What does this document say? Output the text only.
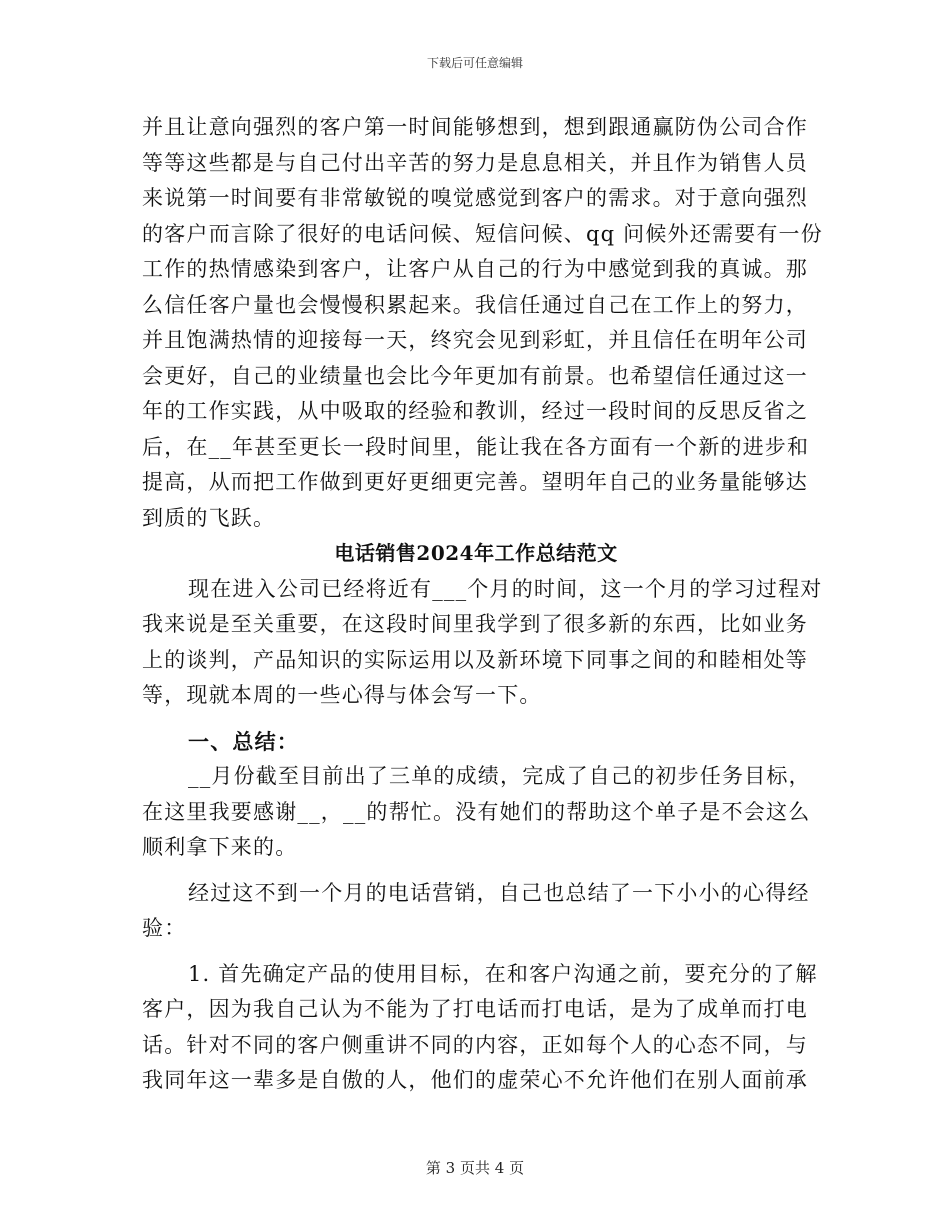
下载后可任意编辑
并且让意向强烈的客户第一时间能够想到，想到跟通赢防伪公司合作
等等这些都是与自己付出辛苦的努力是息息相关，并且作为销售人员
来说第一时间要有非常敏锐的嗅觉感觉到客户的需求。对于意向强烈
的客户而言除了很好的电话问候、短信问候、qq 问候外还需要有一份
工作的热情感染到客户，让客户从自己的行为中感觉到我的真诚。那
么信任客户量也会慢慢积累起来。我信任通过自己在工作上的努力，
并且饱满热情的迎接每一天，终究会见到彩虹，并且信任在明年公司
会更好，自己的业绩量也会比今年更加有前景。也希望信任通过这一
年的工作实践，从中吸取的经验和教训，经过一段时间的反思反省之
后，在__年甚至更长一段时间里，能让我在各方面有一个新的进步和
提高，从而把工作做到更好更细更完善。望明年自己的业务量能够达
到质的飞跃。
电话销售2024年工作总结范文
现在进入公司已经将近有___个月的时间，这一个月的学习过程对
我来说是至关重要，在这段时间里我学到了很多新的东西，比如业务
上的谈判，产品知识的实际运用以及新环境下同事之间的和睦相处等
等，现就本周的一些心得与体会写一下。
一、总结：
__月份截至目前出了三单的成绩，完成了自己的初步任务目标，
在这里我要感谢__，__的帮忙。没有她们的帮助这个单子是不会这么
顺利拿下来的。
经过这不到一个月的电话营销，自己也总结了一下小小的心得经
验：
1. 首先确定产品的使用目标，在和客户沟通之前，要充分的了解
客户，因为我自己认为不能为了打电话而打电话，是为了成单而打电
话。针对不同的客户侧重讲不同的内容，正如每个人的心态不同，与
我同年这一辈多是自傲的人，他们的虚荣心不允许他们在别人面前承
第 3 页共 4 页
